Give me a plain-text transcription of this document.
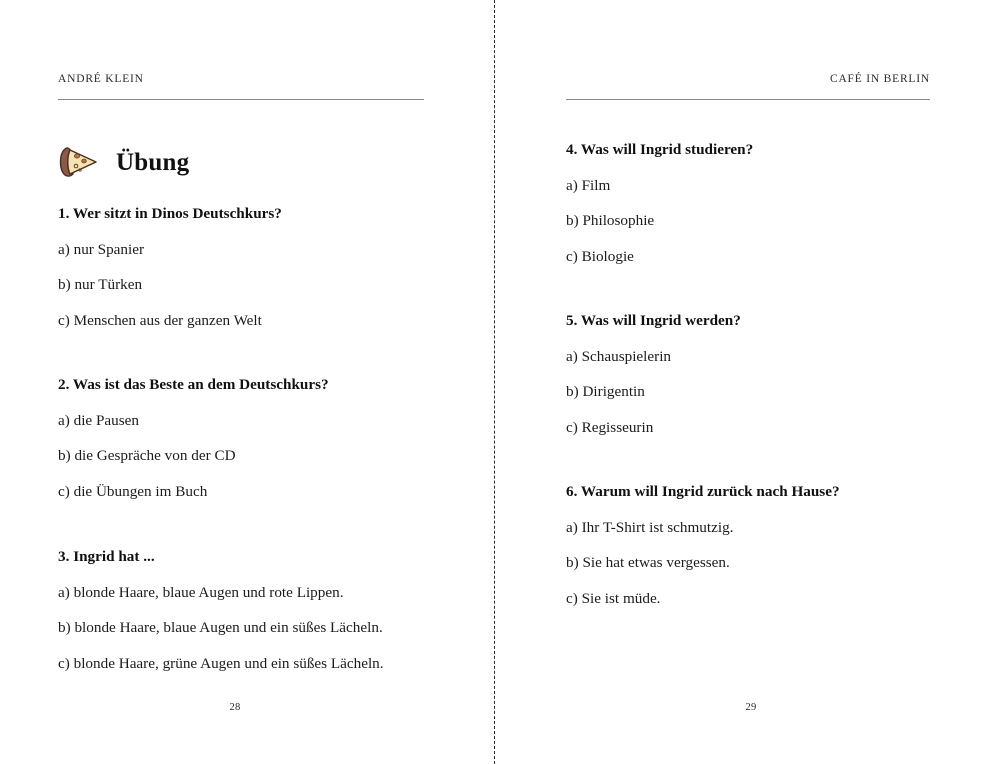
ANDRÉ KLEIN
Übung

1. Wer sitzt in Dinos Deutschkurs?

a) nur Spanier

b) nur Türken

c) Menschen aus der ganzen Welt

2. Was ist das Beste an dem Deutschkurs?

a) die Pausen

b) die Gespräche von der CD

c) die Übungen im Buch

3. Ingrid hat ...

a) blonde Haare, blaue Augen und rote Lippen.

b) blonde Haare, blaue Augen und ein süßes Lächeln.

c) blonde Haare, grüne Augen und ein süßes Lächeln.

28
CAFÉ IN BERLIN

4. Was will Ingrid studieren?

a) Film

b) Philosophie

c) Biologie

5. Was will Ingrid werden?

a) Schauspielerin

b) Dirigentin

c) Regisseurin

6. Warum will Ingrid zurück nach Hause?

a) Ihr T-Shirt ist schmutzig.

b) Sie hat etwas vergessen.

c) Sie ist müde.

29
